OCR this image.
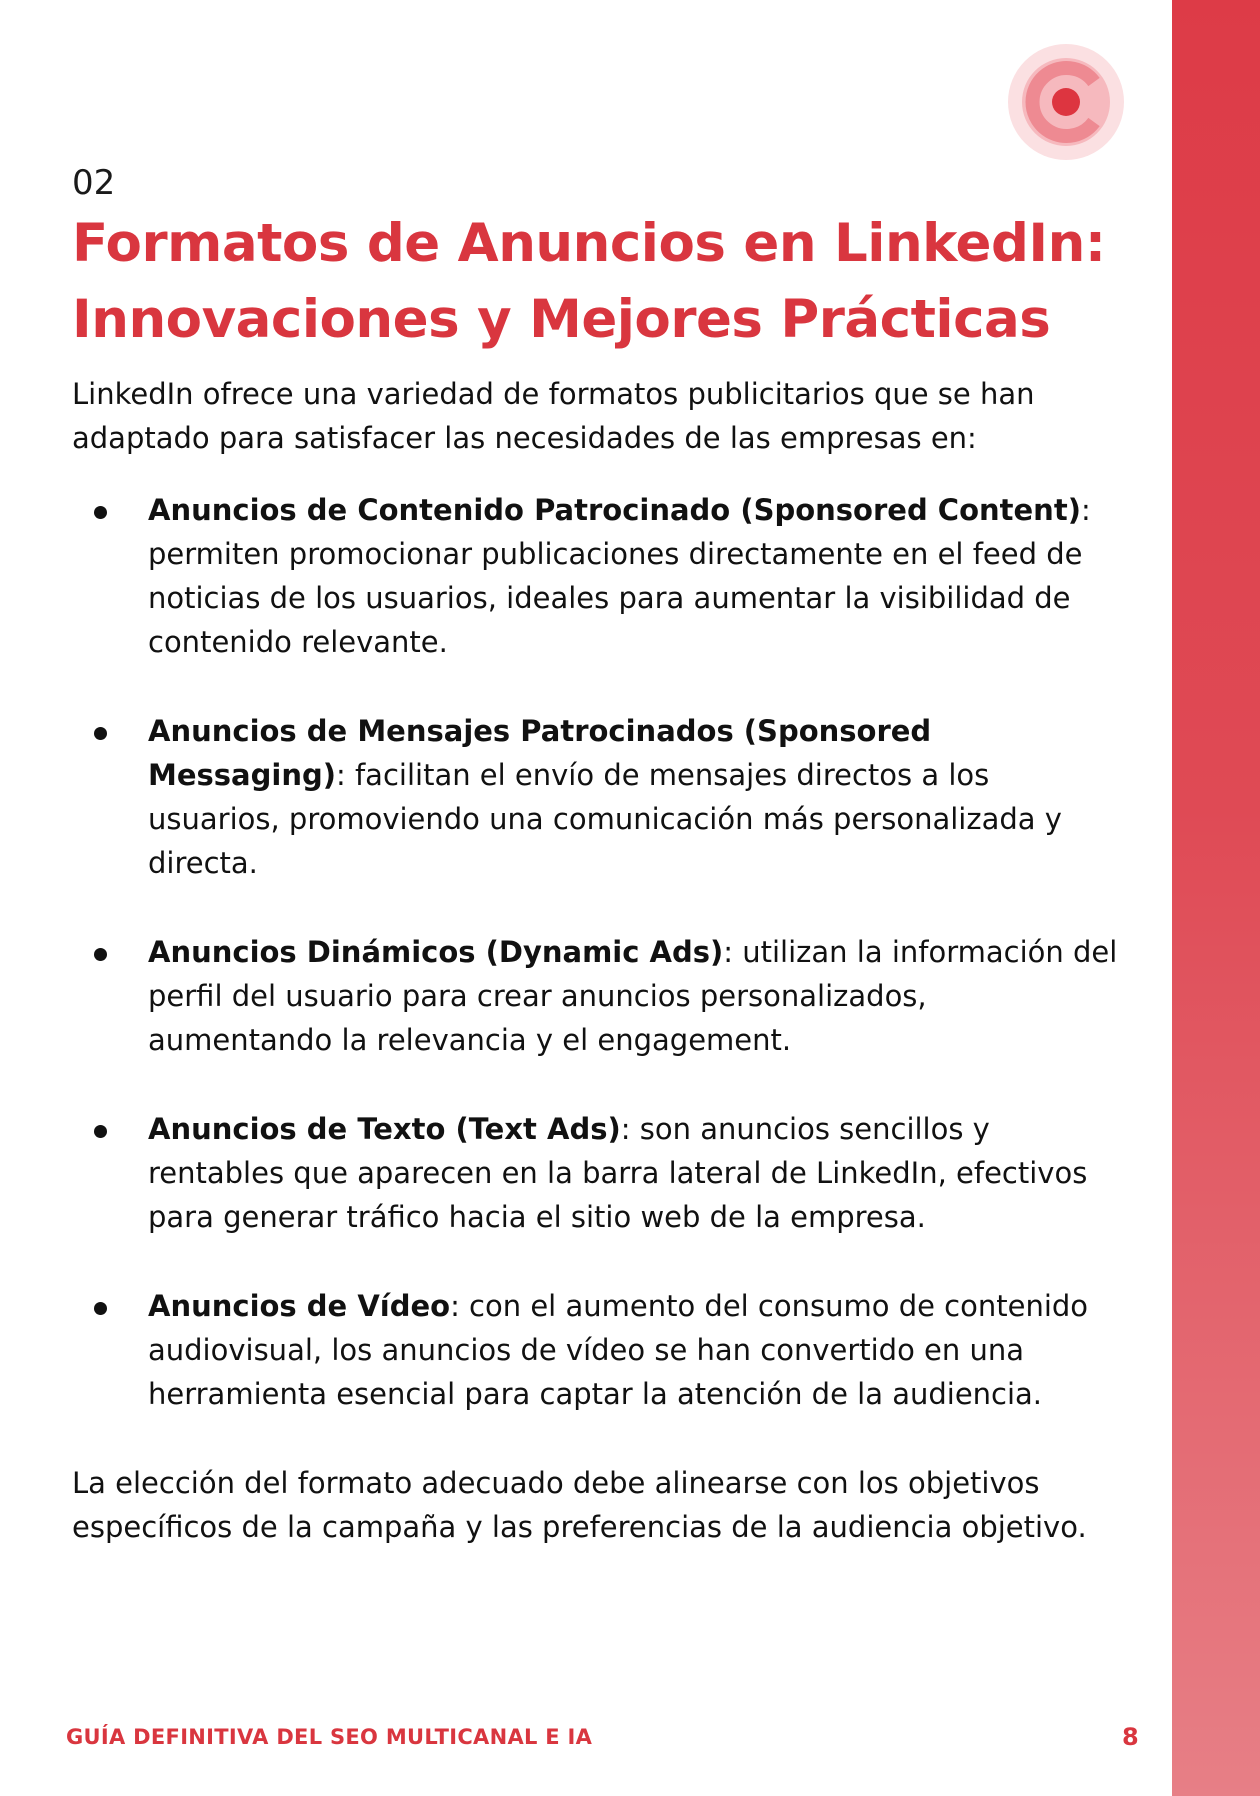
02
Formatos de Anuncios en LinkedIn:
Innovaciones y Mejores Prácticas

LinkedIn ofrece una variedad de formatos publicitarios que se han adaptado para satisfacer las necesidades de las empresas en:

Anuncios de Contenido Patrocinado (Sponsored Content): permiten promocionar publicaciones directamente en el feed de noticias de los usuarios, ideales para aumentar la visibilidad de contenido relevante.
Anuncios de Mensajes Patrocinados (Sponsored Messaging): facilitan el envío de mensajes directos a los usuarios, promoviendo una comunicación más personalizada y directa.
Anuncios Dinámicos (Dynamic Ads): utilizan la información del perfil del usuario para crear anuncios personalizados, aumentando la relevancia y el engagement.
Anuncios de Texto (Text Ads): son anuncios sencillos y rentables que aparecen en la barra lateral de LinkedIn, efectivos para generar tráfico hacia el sitio web de la empresa.
Anuncios de Vídeo: con el aumento del consumo de contenido audiovisual, los anuncios de vídeo se han convertido en una herramienta esencial para captar la atención de la audiencia.

La elección del formato adecuado debe alinearse con los objetivos específicos de la campaña y las preferencias de la audiencia objetivo.

GUÍA DEFINITIVA DEL SEO MULTICANAL E IA	8
